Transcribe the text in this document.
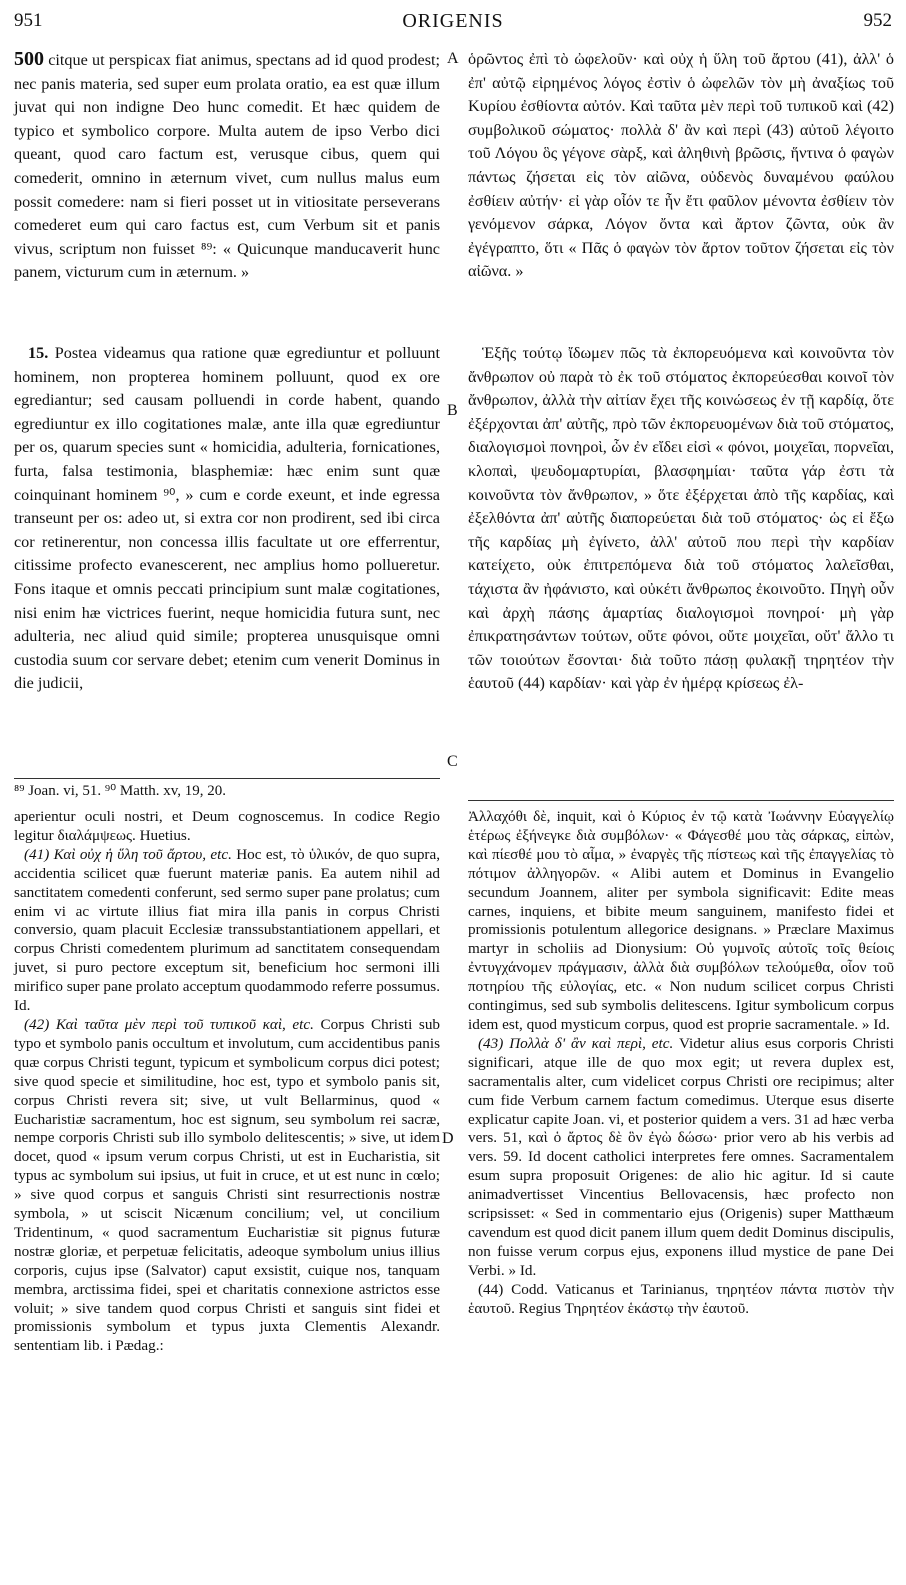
951	ORIGENIS	952
A
B
C
D

500 citque ut perspicax fiat animus, spectans ad id quod prodest; nec panis materia, sed super eum prolata oratio, ea est quæ illum juvat qui non indigne Deo hunc comedit. Et hæc quidem de typico et symbolico corpore. Multa autem de ipso Verbo dici queant, quod caro factum est, verusque cibus, quem qui comederit, omnino in æternum vivet, cum nullus malus eum possit comedere: nam si fieri posset ut in vitiositate perseverans comederet eum qui caro factus est, cum Verbum sit et panis vivus, scriptum non fuisset ⁸⁹: « Quicunque manducaverit hunc panem, victurum cum in æternum. »

15. Postea videamus qua ratione quæ egrediuntur et polluunt hominem, non propterea hominem polluunt, quod ex ore egrediantur; sed causam polluendi in corde habent, quando egrediuntur ex illo cogitationes malæ, ante illa quæ egrediuntur per os, quarum species sunt « homicidia, adulteria, fornicationes, furta, falsa testimonia, blasphemiæ: hæc enim sunt quæ coinquinant hominem ⁹⁰, » cum e corde exeunt, et inde egressa transeunt per os: adeo ut, si extra cor non prodirent, sed ibi circa cor retinerentur, non concessa illis facultate ut ore efferrentur, citissime profecto evanescerent, nec amplius homo pollueretur. Fons itaque et omnis peccati principium sunt malæ cogitationes, nisi enim hæ victrices fuerint, neque homicidia futura sunt, nec adulteria, nec aliud quid simile; propterea unusquisque omni custodia suum cor servare debet; etenim cum venerit Dominus in die judicii,

ὁρῶντος ἐπὶ τὸ ὠφελοῦν· καὶ οὐχ ἡ ὕλη τοῦ ἄρτου (41), ἀλλ' ὁ ἐπ' αὐτῷ εἰρημένος λόγος ἐστὶν ὁ ὠφελῶν τὸν μὴ ἀναξίως τοῦ Κυρίου ἐσθίοντα αὐτόν. Καὶ ταῦτα μὲν περὶ τοῦ τυπικοῦ καὶ (42) συμβολικοῦ σώματος· πολλὰ δ' ἂν καὶ περὶ (43) αὐτοῦ λέγοιτο τοῦ Λόγου ὃς γέγονε σὰρξ, καὶ ἀληθινὴ βρῶσις, ἥντινα ὁ φαγὼν πάντως ζήσεται εἰς τὸν αἰῶνα, οὐδενὸς δυναμένου φαύλου ἐσθίειν αὐτήν· εἰ γὰρ οἷόν τε ἦν ἔτι φαῦλον μένοντα ἐσθίειν τὸν γενόμενον σάρκα, Λόγον ὄντα καὶ ἄρτον ζῶντα, οὐκ ἂν ἐγέγραπτο, ὅτι « Πᾶς ὁ φαγὼν τὸν ἄρτον τοῦτον ζήσεται εἰς τὸν αἰῶνα. »

Ἑξῆς τούτῳ ἴδωμεν πῶς τὰ ἐκπορευόμενα καὶ κοινοῦντα τὸν ἄνθρωπον οὐ παρὰ τὸ ἐκ τοῦ στόματος ἐκπορεύεσθαι κοινοῖ τὸν ἄνθρωπον, ἀλλὰ τὴν αἰτίαν ἔχει τῆς κοινώσεως ἐν τῇ καρδίᾳ, ὅτε ἐξέρχονται ἀπ' αὐτῆς, πρὸ τῶν ἐκπορευομένων διὰ τοῦ στόματος, διαλογισμοὶ πονηροὶ, ὧν ἐν εἴδει εἰσὶ « φόνοι, μοιχεῖαι, πορνεῖαι, κλοπαὶ, ψευδομαρτυρίαι, βλασφημίαι· ταῦτα γάρ ἐστι τὰ κοινοῦντα τὸν ἄνθρωπον, » ὅτε ἐξέρχεται ἀπὸ τῆς καρδίας, καὶ ἐξελθόντα ἀπ' αὐτῆς διαπορεύεται διὰ τοῦ στόματος· ὡς εἰ ἔξω τῆς καρδίας μὴ ἐγίνετο, ἀλλ' αὐτοῦ που περὶ τὴν καρδίαν κατείχετο, οὐκ ἐπιτρεπόμενα διὰ τοῦ στόματος λαλεῖσθαι, τάχιστα ἂν ἠφάνιστο, καὶ οὐκέτι ἄνθρωπος ἐκοινοῦτο. Πηγὴ οὖν καὶ ἀρχὴ πάσης ἁμαρτίας διαλογισμοὶ πονηροί· μὴ γὰρ ἐπικρατησάντων τούτων, οὔτε φόνοι, οὔτε μοιχεῖαι, οὔτ' ἄλλο τι τῶν τοιούτων ἔσονται· διὰ τοῦτο πάσῃ φυλακῇ τηρητέον τὴν ἑαυτοῦ (44) καρδίαν· καὶ γὰρ ἐν ἡμέρᾳ κρίσεως ἐλ-

⁸⁹ Joan. vi, 51. ⁹⁰ Matth. xv, 19, 20.

aperientur oculi nostri, et Deum cognoscemus. In codice Regio legitur διαλάμψεως. Huetius.

(41) Καὶ οὐχ ἡ ὕλη τοῦ ἄρτου, etc. Hoc est, τὸ ὑλικόν, de quo supra, accidentia scilicet quæ fuerunt materiæ panis. Ea autem nihil ad sanctitatem comedenti conferunt, sed sermo super pane prolatus; cum enim vi ac virtute illius fiat mira illa panis in corpus Christi conversio, quam placuit Ecclesiæ transsubstantiationem appellari, et corpus Christi comedentem plurimum ad sanctitatem consequendam juvet, si puro pectore exceptum sit, beneficium hoc sermoni illi mirifico super pane prolato acceptum quodammodo referre possumus. Id.

(42) Καὶ ταῦτα μὲν περὶ τοῦ τυπικοῦ καὶ, etc. Corpus Christi sub typo et symbolo panis occultum et involutum, cum accidentibus panis quæ corpus Christi tegunt, typicum et symbolicum corpus dici potest; sive quod specie et similitudine, hoc est, typo et symbolo panis sit, corpus Christi revera sit; sive, ut vult Bellarminus, quod « Eucharistiæ sacramentum, hoc est signum, seu symbolum rei sacræ, nempe corporis Christi sub illo symbolo delitescentis; » sive, ut idem docet, quod « ipsum verum corpus Christi, ut est in Eucharistia, sit typus ac symbolum sui ipsius, ut fuit in cruce, et ut est nunc in cœlo; » sive quod corpus et sanguis Christi sint resurrectionis nostræ symbola, » ut sciscit Nicænum concilium; vel, ut concilium Tridentinum, « quod sacramentum Eucharistiæ sit pignus futuræ nostræ gloriæ, et perpetuæ felicitatis, adeoque symbolum unius illius corporis, cujus ipse (Salvator) caput exsistit, cuique nos, tanquam membra, arctissima fidei, spei et charitatis connexione astrictos esse voluit; » sive tandem quod corpus Christi et sanguis sint fidei et promissionis symbolum et typus juxta Clementis Alexandr. sententiam lib. i Pædag.:

Ἀλλαχόθι δὲ, inquit, καὶ ὁ Κύριος ἐν τῷ κατὰ Ἰωάννην Εὐαγγελίῳ ἑτέρως ἐξήνεγκε διὰ συμβόλων· « Φάγεσθέ μου τὰς σάρκας, εἰπὼν, καὶ πίεσθέ μου τὸ αἷμα, » ἐναργὲς τῆς πίστεως καὶ τῆς ἐπαγγελίας τὸ πότιμον ἀλληγορῶν. « Alibi autem et Dominus in Evangelio secundum Joannem, aliter per symbola significavit: Edite meas carnes, inquiens, et bibite meum sanguinem, manifesto fidei et promissionis potulentum allegorice designans. » Præclare Maximus martyr in scholiis ad Dionysium: Οὐ γυμνοῖς αὐτοῖς τοῖς θείοις ἐντυγχάνομεν πράγμασιν, ἀλλὰ διὰ συμβόλων τελούμεθα, οἷον τοῦ ποτηρίου τῆς εὐλογίας, etc. « Non nudum scilicet corpus Christi contingimus, sed sub symbolis delitescens. Igitur symbolicum corpus idem est, quod mysticum corpus, quod est proprie sacramentale. » Id.

(43) Πολλὰ δ' ἂν καὶ περὶ, etc. Videtur alius esus corporis Christi significari, atque ille de quo mox egit; ut revera duplex est, sacramentalis alter, cum videlicet corpus Christi ore recipimus; alter cum fide Verbum carnem factum comedimus. Uterque esus diserte explicatur capite Joan. vi, et posterior quidem a vers. 31 ad hæc verba vers. 51, καὶ ὁ ἄρτος δὲ ὃν ἐγὼ δώσω· prior vero ab his verbis ad vers. 59. Id docent catholici interpretes fere omnes. Sacramentalem esum supra proposuit Origenes: de alio hic agitur. Id si caute animadvertisset Vincentius Bellovacensis, hæc profecto non scripsisset: « Sed in commentario ejus (Origenis) super Matthæum cavendum est quod dicit panem illum quem dedit Dominus discipulis, non fuisse verum corpus ejus, exponens illud mystice de pane Dei Verbi. » Id.

(44) Codd. Vaticanus et Tarinianus, τηρητέον πάντα πιστὸν τὴν ἑαυτοῦ. Regius Τηρητέον ἑκάστῳ τὴν ἑαυτοῦ.
